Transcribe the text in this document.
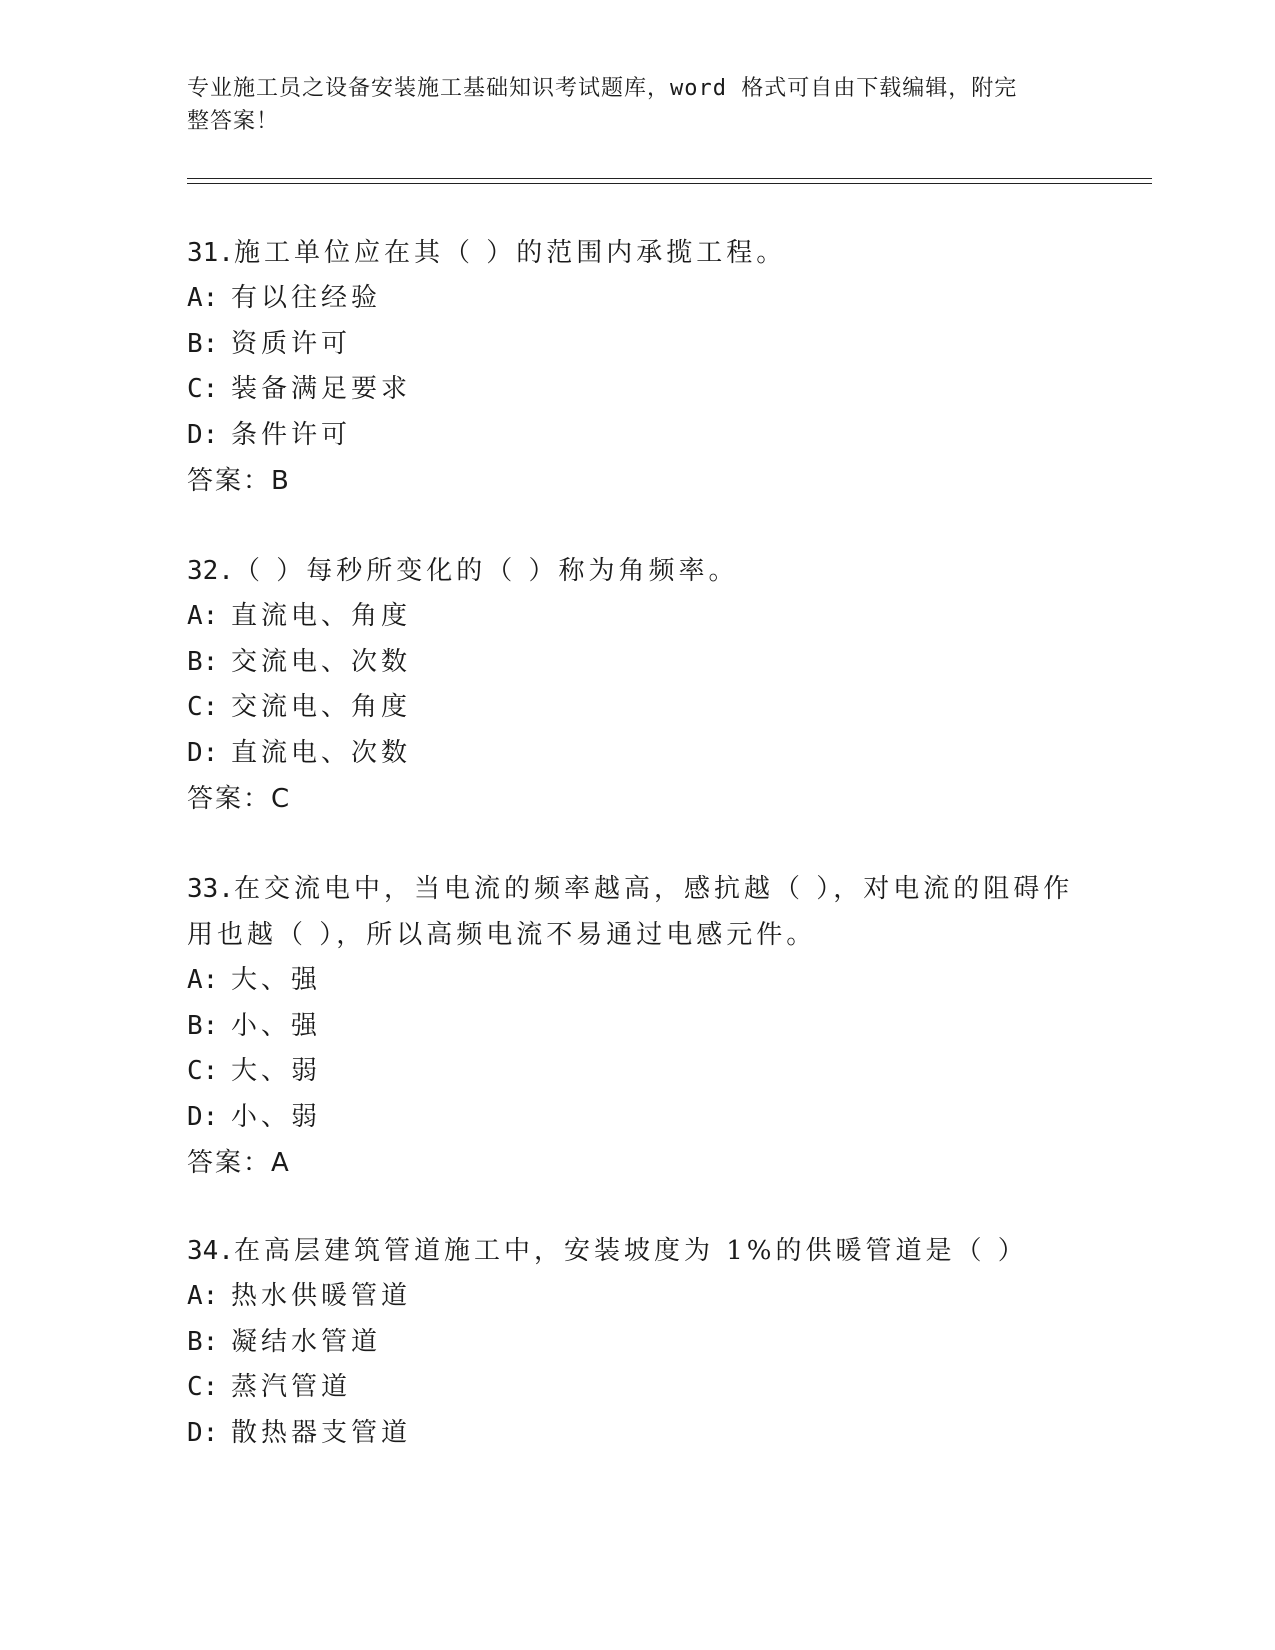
专业施工员之设备安装施工基础知识考试题库，word 格式可自由下载编辑，附完
整答案！
31.施工单位应在其（ ）的范围内承揽工程。
A: 有以往经验
B: 资质许可
C: 装备满足要求
D: 条件许可
答案：B
32.（ ）每秒所变化的（ ）称为角频率。
A: 直流电、角度
B: 交流电、次数
C: 交流电、角度
D: 直流电、次数
答案：C
33.在交流电中，当电流的频率越高，感抗越（ ），对电流的阻碍作
用也越（ ），所以高频电流不易通过电感元件。
A: 大、强
B: 小、强
C: 大、弱
D: 小、弱
答案：A
34.在高层建筑管道施工中，安装坡度为 1%的供暖管道是（ ）
A: 热水供暖管道
B: 凝结水管道
C: 蒸汽管道
D: 散热器支管道
